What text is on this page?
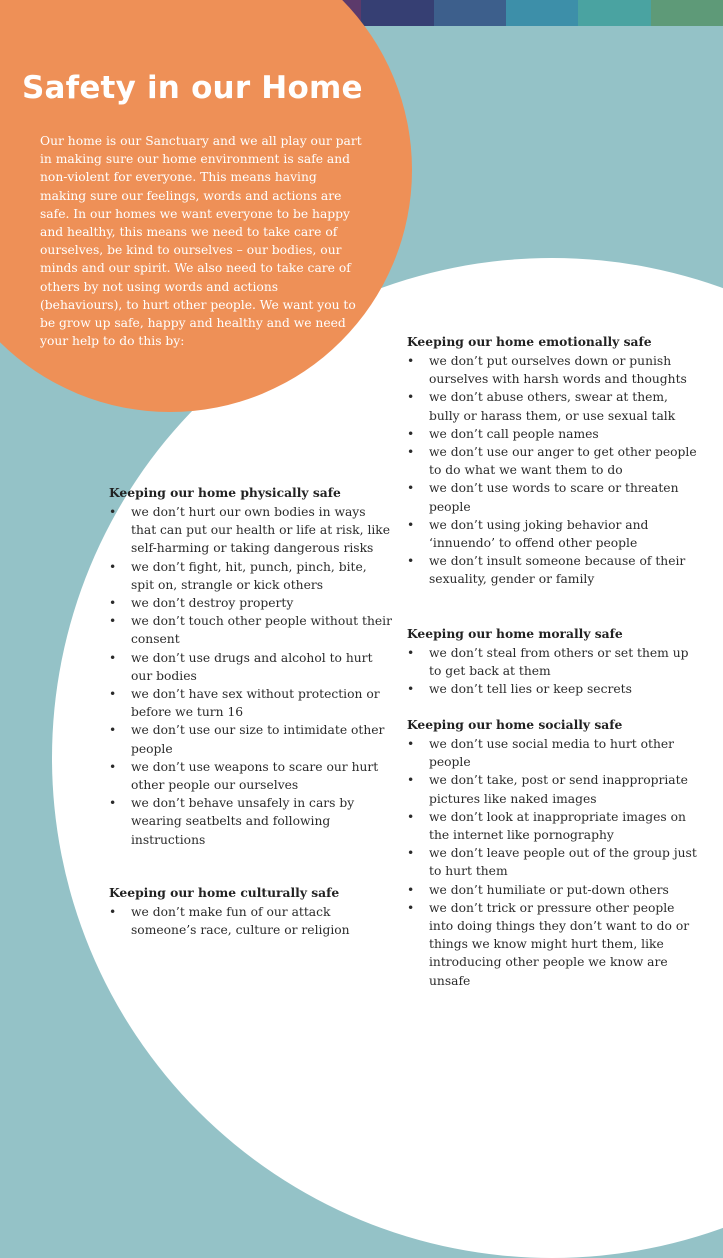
Safety in our Home

Our home is our Sanctuary and we all play our part in making sure our home environment is safe and non-violent for everyone. This means having making sure our feelings, words and actions are safe. In our homes we want everyone to be happy and healthy, this means we need to take care of ourselves, be kind to ourselves – our bodies, our minds and our spirit. We also need to take care of others by not using words and actions (behaviours), to hurt other people. We want you to be grow up safe, happy and healthy and we need your help to do this by:

Keeping our home physically safe
• we don’t hurt our own bodies in ways that can put our health or life at risk, like self-harming or taking dangerous risks
• we don’t fight, hit, punch, pinch, bite, spit on, strangle or kick others
• we don’t destroy property
• we don’t touch other people without their consent
• we don’t use drugs and alcohol to hurt our bodies
• we don’t have sex without protection or before we turn 16
• we don’t use our size to intimidate other people
• we don’t use weapons to scare our hurt other people our ourselves
• we don’t behave unsafely in cars by wearing seatbelts and following instructions
Keeping our home culturally safe
• we don’t make fun of our attack someone’s race, culture or religion
Keeping our home emotionally safe
• we don’t put ourselves down or punish ourselves with harsh words and thoughts
• we don’t abuse others, swear at them, bully or harass them, or use sexual talk
• we don’t call people names
• we don’t use our anger to get other people to do what we want them to do
• we don’t use words to scare or threaten people
• we don’t using joking behavior and ‘innuendo’ to offend other people
• we don’t insult someone because of their sexuality, gender or family
Keeping our home morally safe
• we don’t steal from others or set them up to get back at them
• we don’t tell lies or keep secrets
Keeping our home socially safe
• we don’t use social media to hurt other people
• we don’t take, post or send inappropriate pictures like naked images
• we don’t look at inappropriate images on the internet like pornography
• we don’t leave people out of the group just to hurt them
• we don’t humiliate or put-down others
• we don’t trick or pressure other people into doing things they don’t want to do or things we know might hurt them, like introducing other people we know are unsafe
